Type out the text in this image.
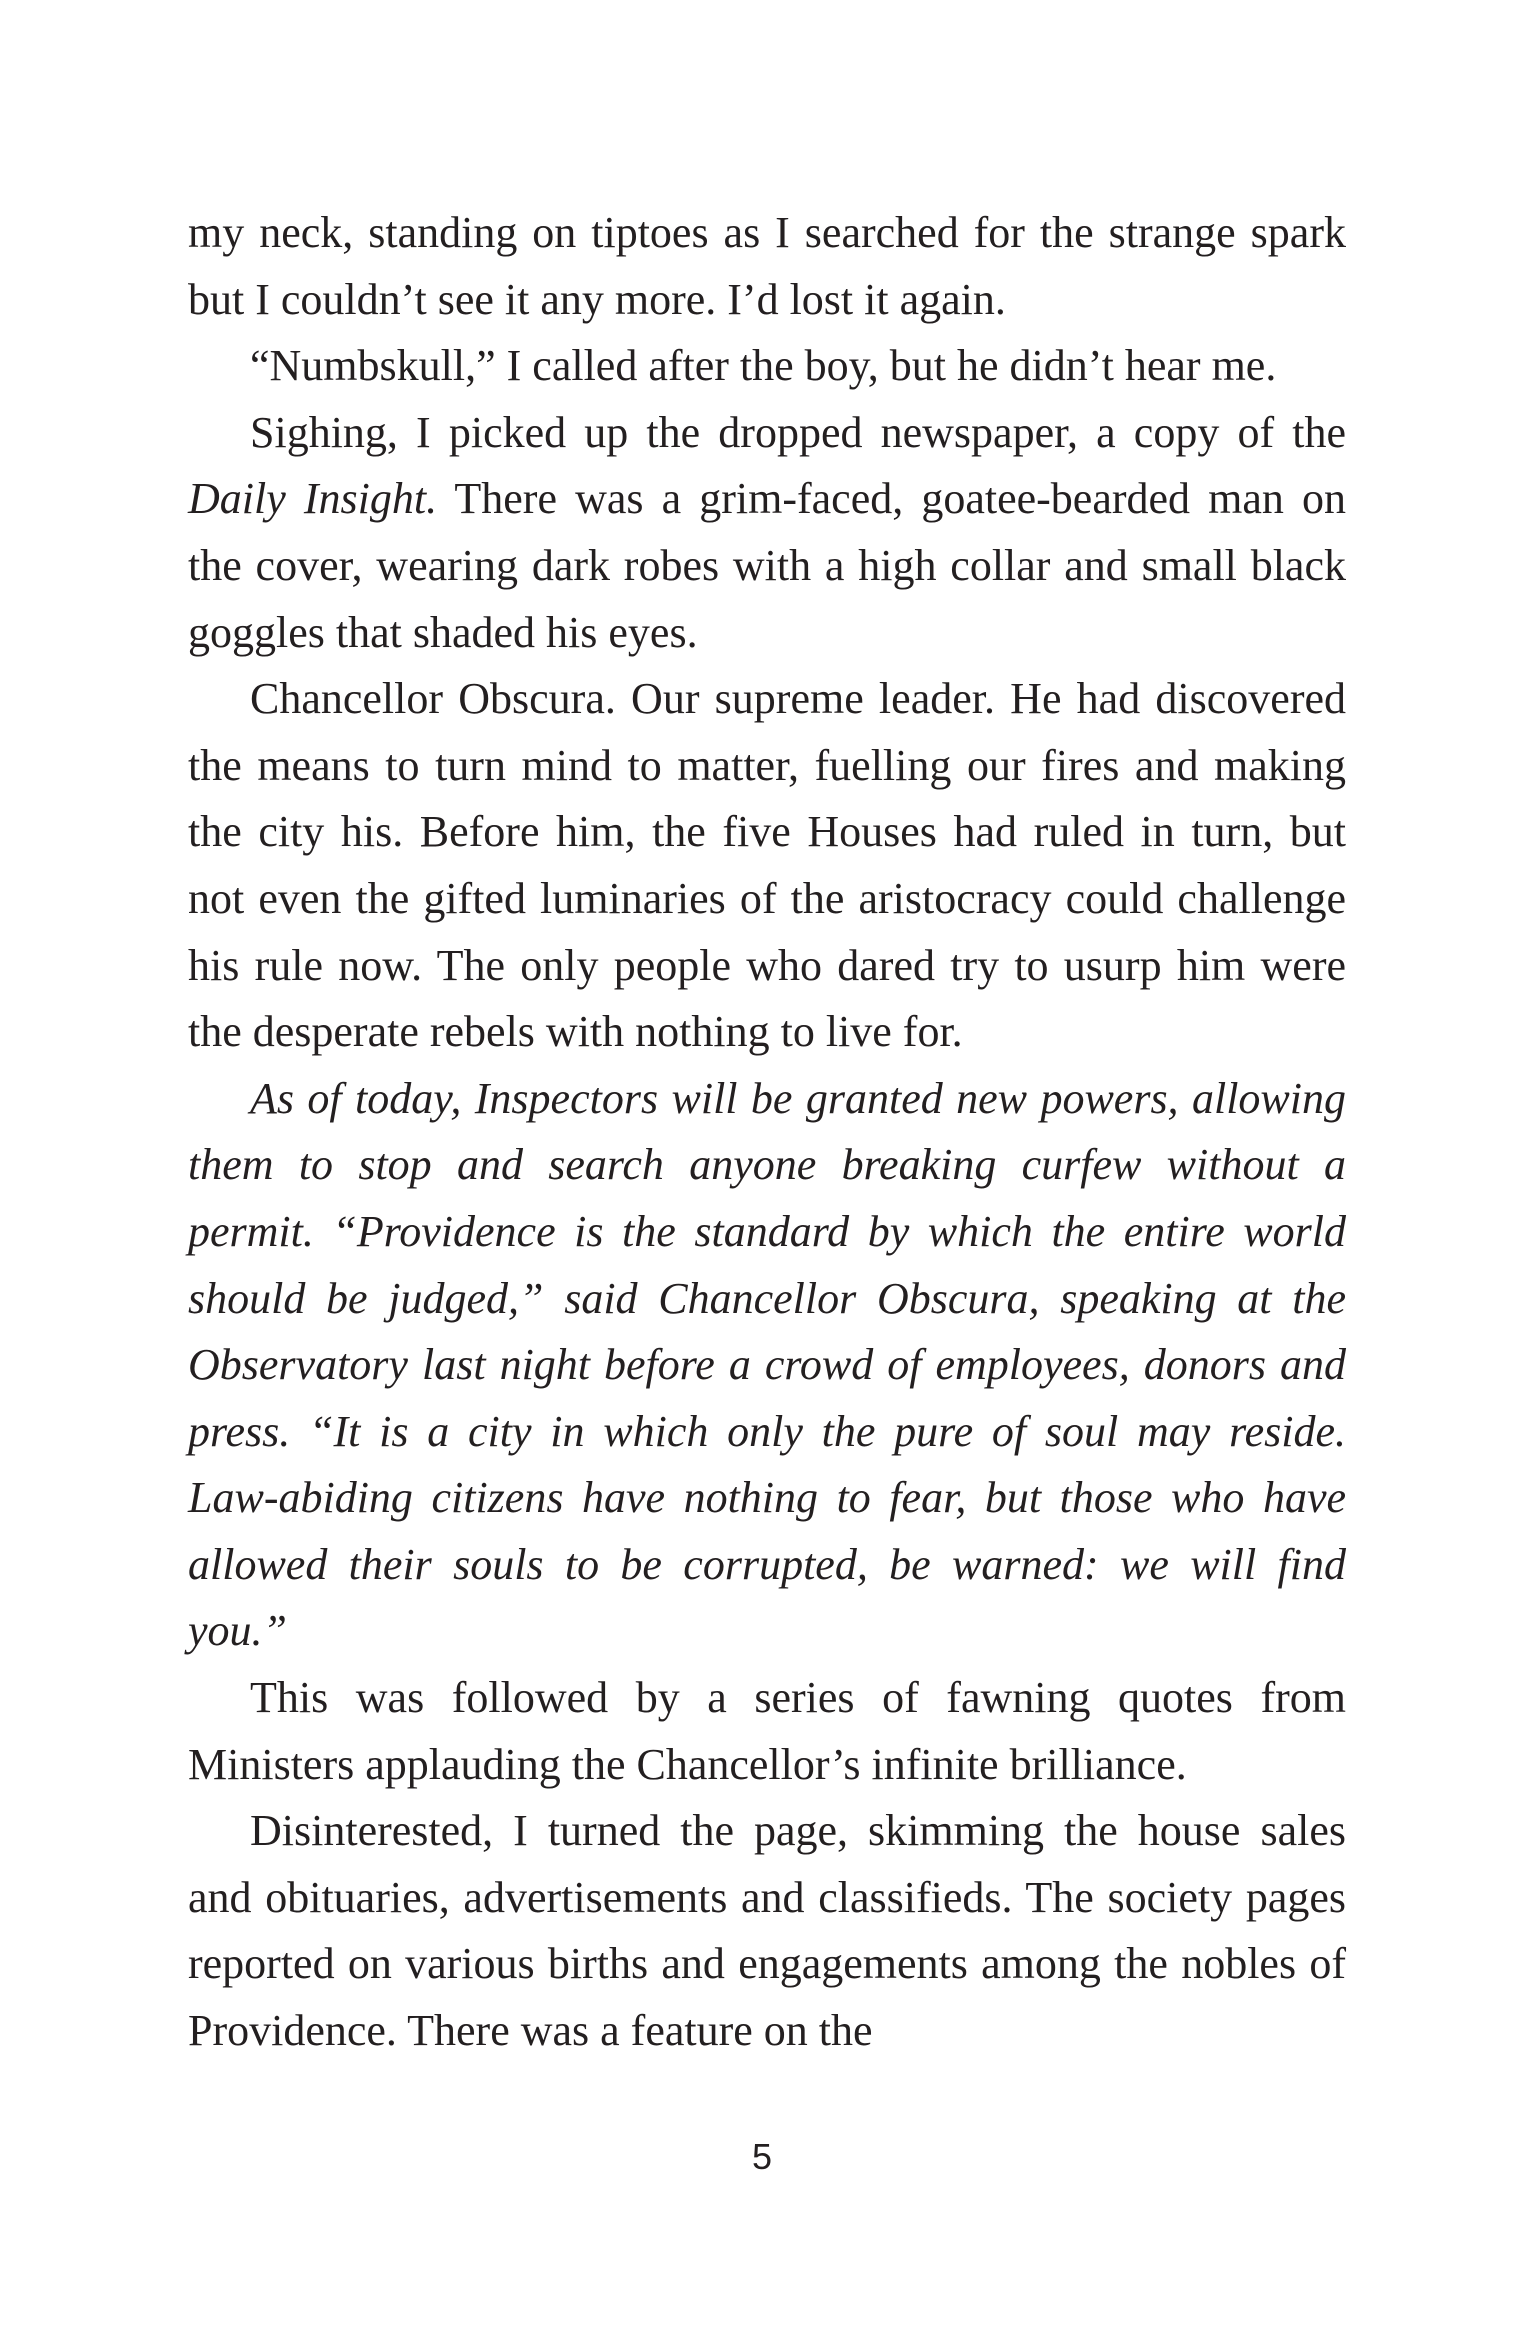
my neck, standing on tiptoes as I searched for the strange spark but I couldn’t see it any more. I’d lost it again.

“Numbskull,” I called after the boy, but he didn’t hear me.

Sighing, I picked up the dropped newspaper, a copy of the Daily Insight. There was a grim-faced, goatee-bearded man on the cover, wearing dark robes with a high collar and small black goggles that shaded his eyes.

Chancellor Obscura. Our supreme leader. He had discovered the means to turn mind to matter, fuelling our fires and making the city his. Before him, the five Houses had ruled in turn, but not even the gifted luminaries of the aristocracy could challenge his rule now. The only people who dared try to usurp him were the desperate rebels with nothing to live for.

As of today, Inspectors will be granted new powers, allowing them to stop and search anyone breaking curfew without a permit. “Providence is the standard by which the entire world should be judged,” said Chancellor Obscura, speaking at the Observatory last night before a crowd of employees, donors and press. “It is a city in which only the pure of soul may reside. Law-abiding citizens have nothing to fear, but those who have allowed their souls to be corrupted, be warned: we will find you.”

This was followed by a series of fawning quotes from Ministers applauding the Chancellor’s infinite brilliance.

Disinterested, I turned the page, skimming the house sales and obituaries, advertisements and classifieds. The society pages reported on various births and engagements among the nobles of Providence. There was a feature on the

5
